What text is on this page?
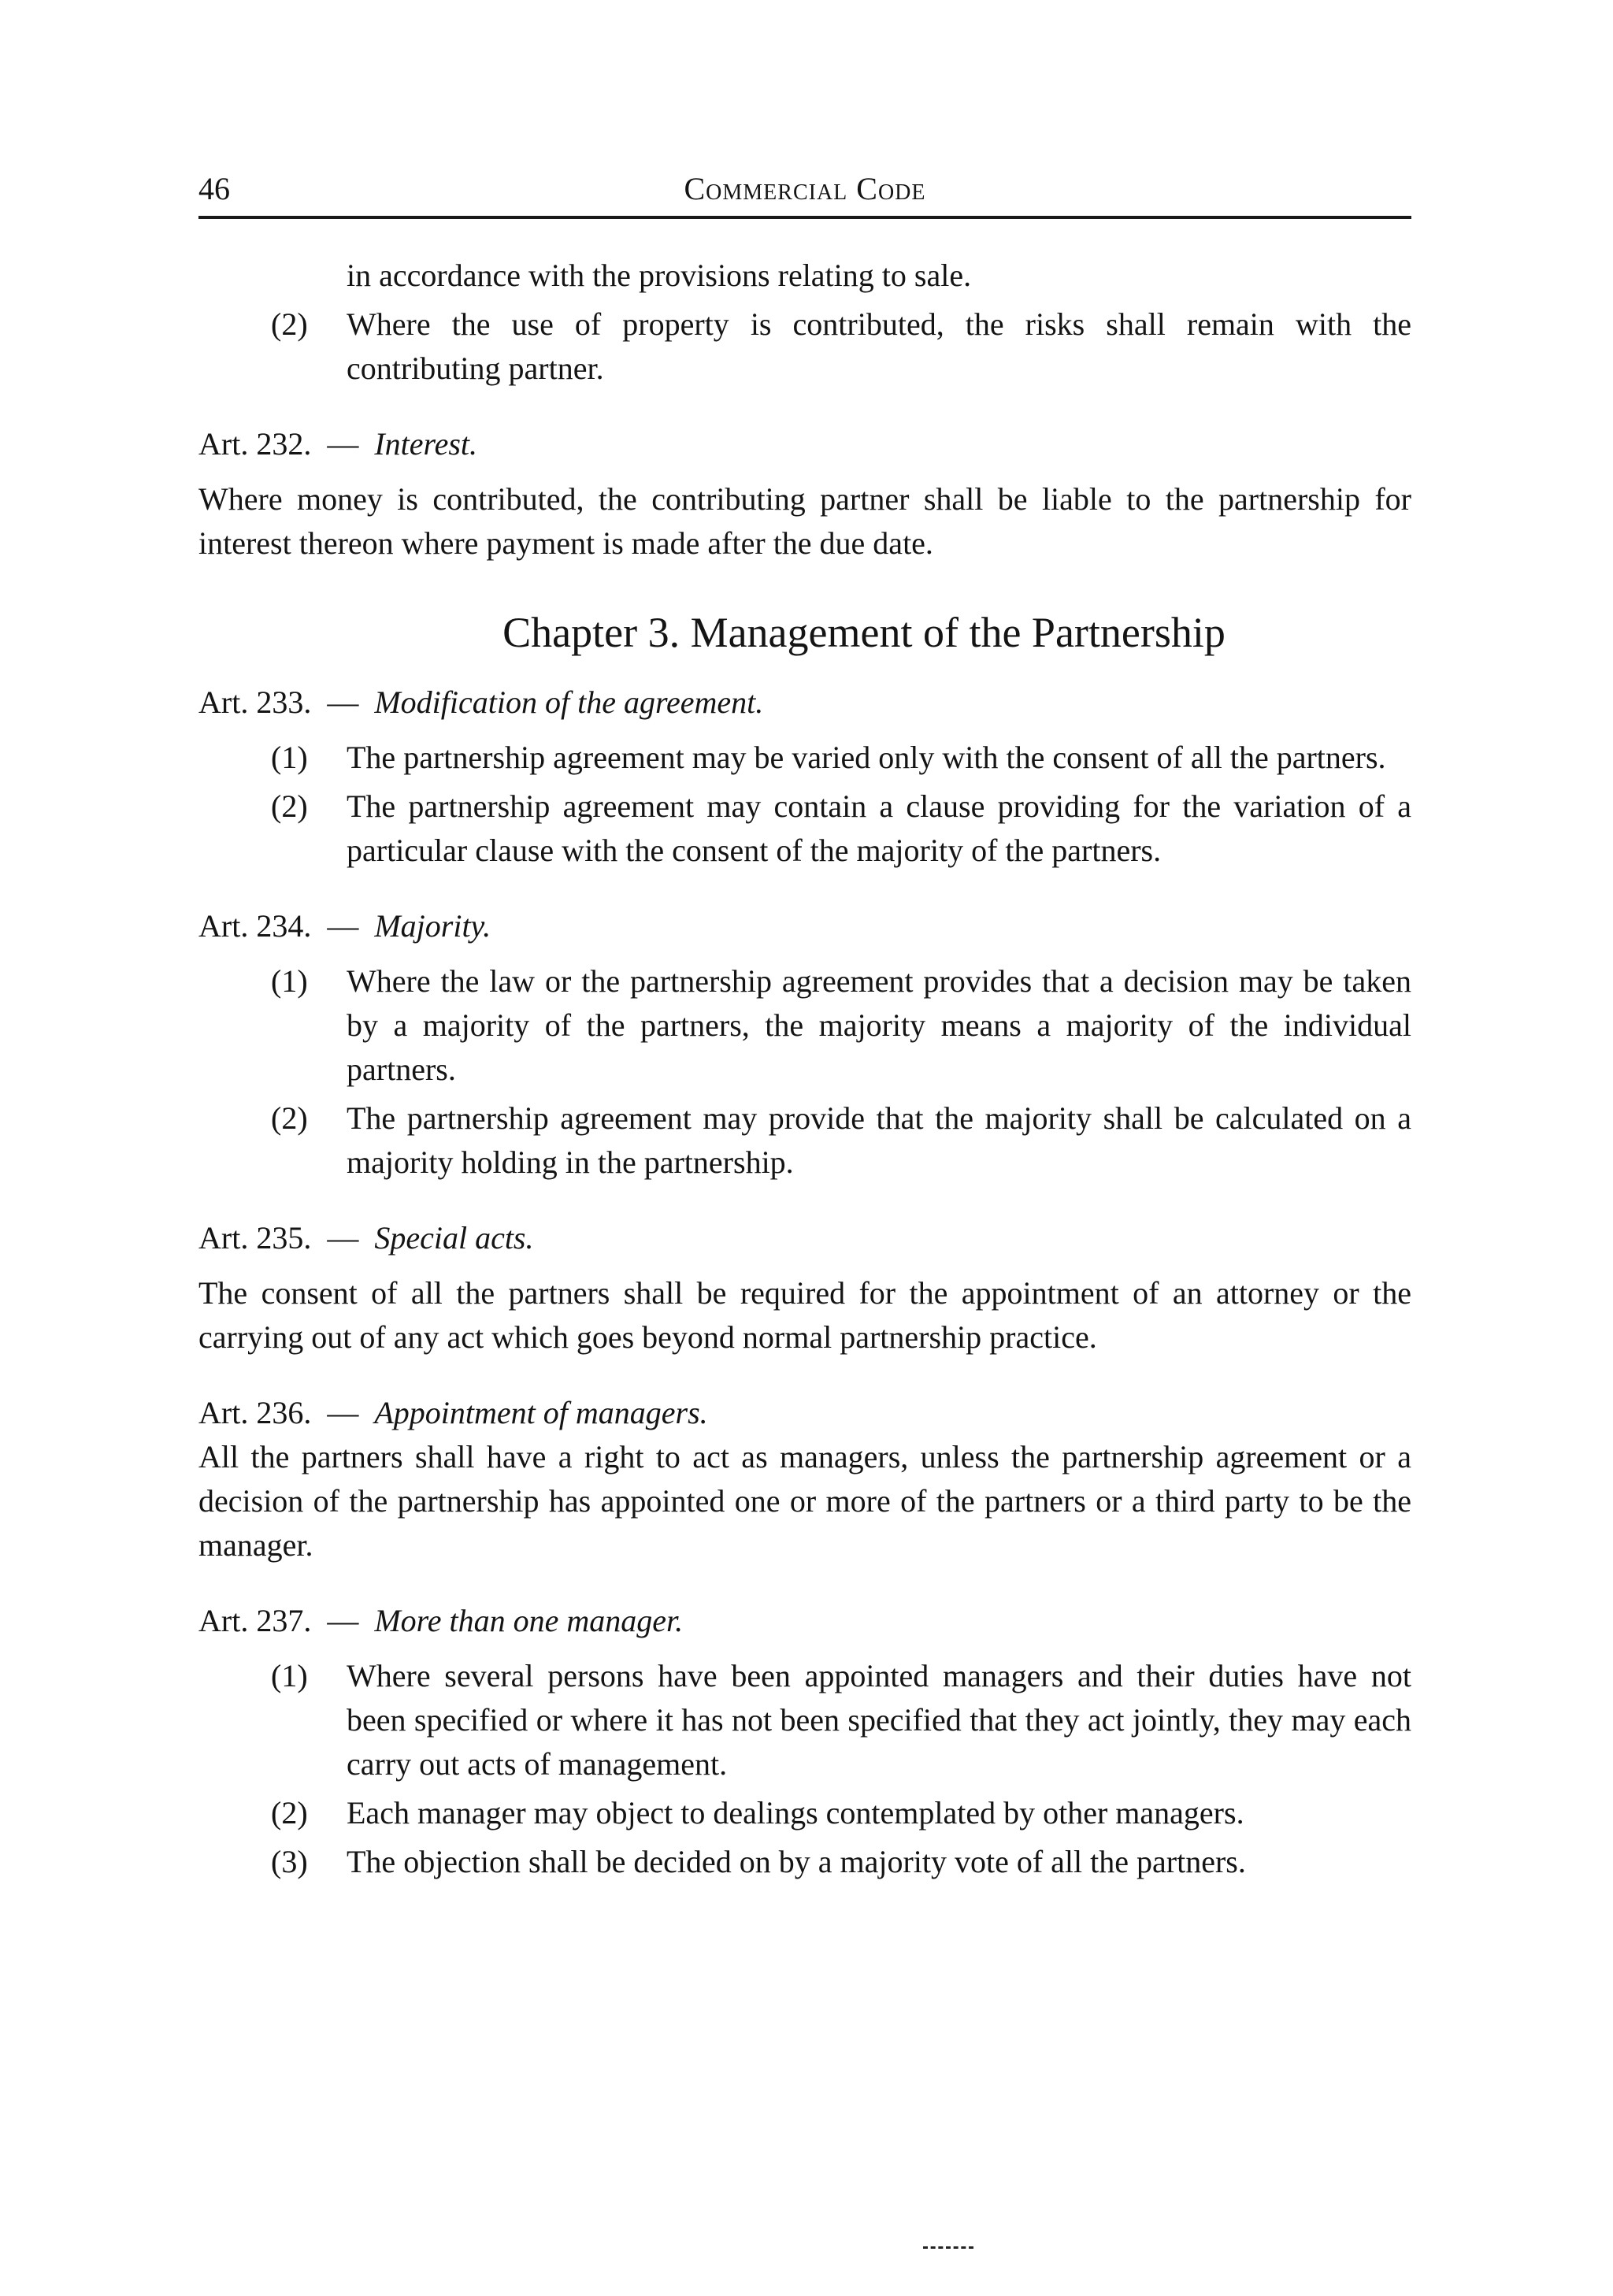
46	Commercial Code
in accordance with the provisions relating to sale.
(2) Where the use of property is contributed, the risks shall remain with the contributing partner.
Art. 232. — Interest.
Where money is contributed, the contributing partner shall be liable to the partnership for interest thereon where payment is made after the due date.
Chapter 3. Management of the Partnership
Art. 233. — Modification of the agreement.
(1) The partnership agreement may be varied only with the consent of all the partners.
(2) The partnership agreement may contain a clause providing for the variation of a particular clause with the consent of the majority of the partners.
Art. 234. — Majority.
(1) Where the law or the partnership agreement provides that a decision may be taken by a majority of the partners, the majority means a majority of the individual partners.
(2) The partnership agreement may provide that the majority shall be calculated on a majority holding in the partnership.
Art. 235. — Special acts.
The consent of all the partners shall be required for the appointment of an attorney or the carrying out of any act which goes beyond normal partnership practice.
Art. 236. — Appointment of managers.
All the partners shall have a right to act as managers, unless the partnership agreement or a decision of the partnership has appointed one or more of the partners or a third party to be the manager.
Art. 237. — More than one manager.
(1) Where several persons have been appointed managers and their duties have not been specified or where it has not been specified that they act jointly, they may each carry out acts of management.
(2) Each manager may object to dealings contemplated by other managers.
(3) The objection shall be decided on by a majority vote of all the partners.
